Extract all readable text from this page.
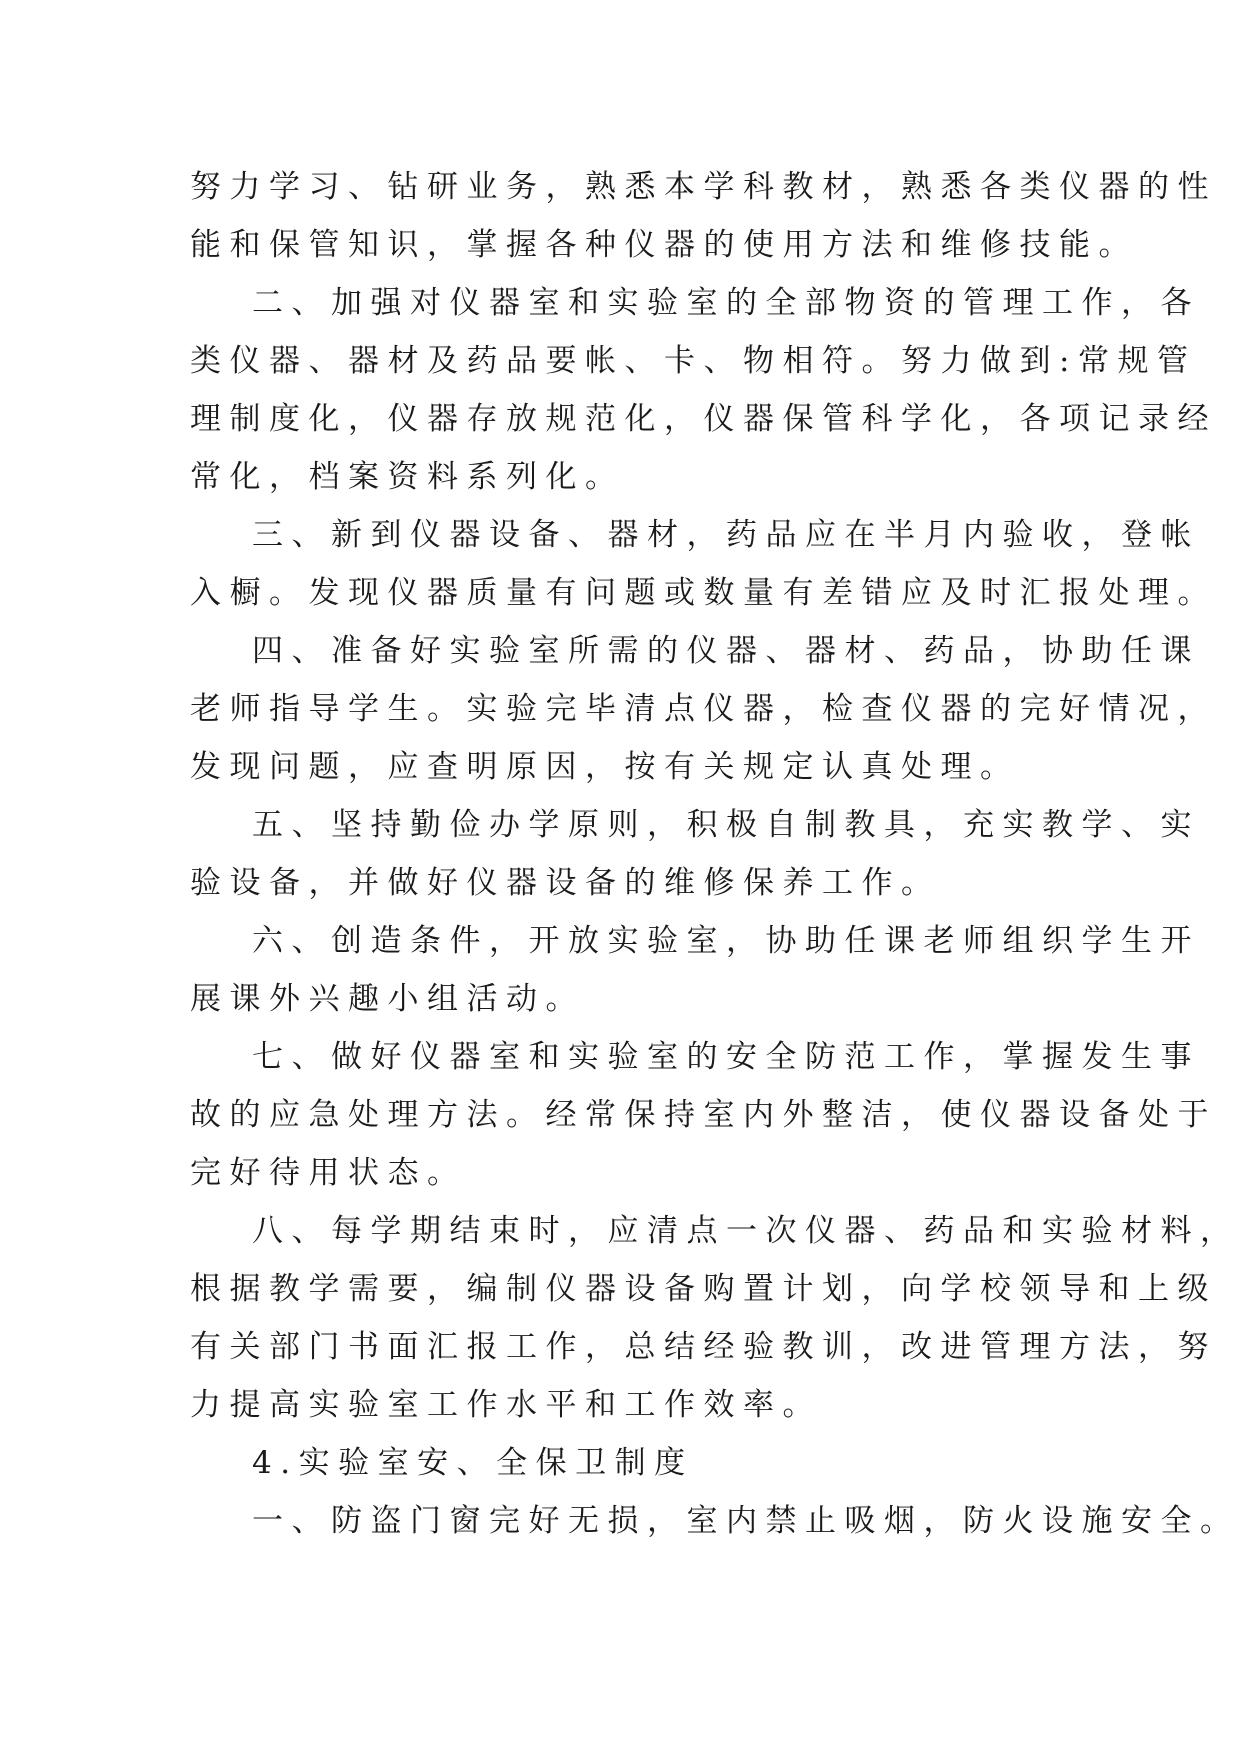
努力学习、钻研业务，熟悉本学科教材，熟悉各类仪器的性
能和保管知识，掌握各种仪器的使用方法和维修技能。
二、加强对仪器室和实验室的全部物资的管理工作，各
类仪器、器材及药品要帐、卡、物相符。努力做到:常规管
理制度化，仪器存放规范化，仪器保管科学化，各项记录经
常化，档案资料系列化。
三、新到仪器设备、器材，药品应在半月内验收，登帐
入橱。发现仪器质量有问题或数量有差错应及时汇报处理。
四、准备好实验室所需的仪器、器材、药品，协助任课
老师指导学生。实验完毕清点仪器，检查仪器的完好情况，
发现问题，应查明原因，按有关规定认真处理。
五、坚持勤俭办学原则，积极自制教具，充实教学、实
验设备，并做好仪器设备的维修保养工作。
六、创造条件，开放实验室，协助任课老师组织学生开
展课外兴趣小组活动。
七、做好仪器室和实验室的安全防范工作，掌握发生事
故的应急处理方法。经常保持室内外整洁，使仪器设备处于
完好待用状态。
八、每学期结束时，应清点一次仪器、药品和实验材料，
根据教学需要，编制仪器设备购置计划，向学校领导和上级
有关部门书面汇报工作，总结经验教训，改进管理方法，努
力提高实验室工作水平和工作效率。
4.实验室安、全保卫制度
一、防盗门窗完好无损，室内禁止吸烟，防火设施安全。
